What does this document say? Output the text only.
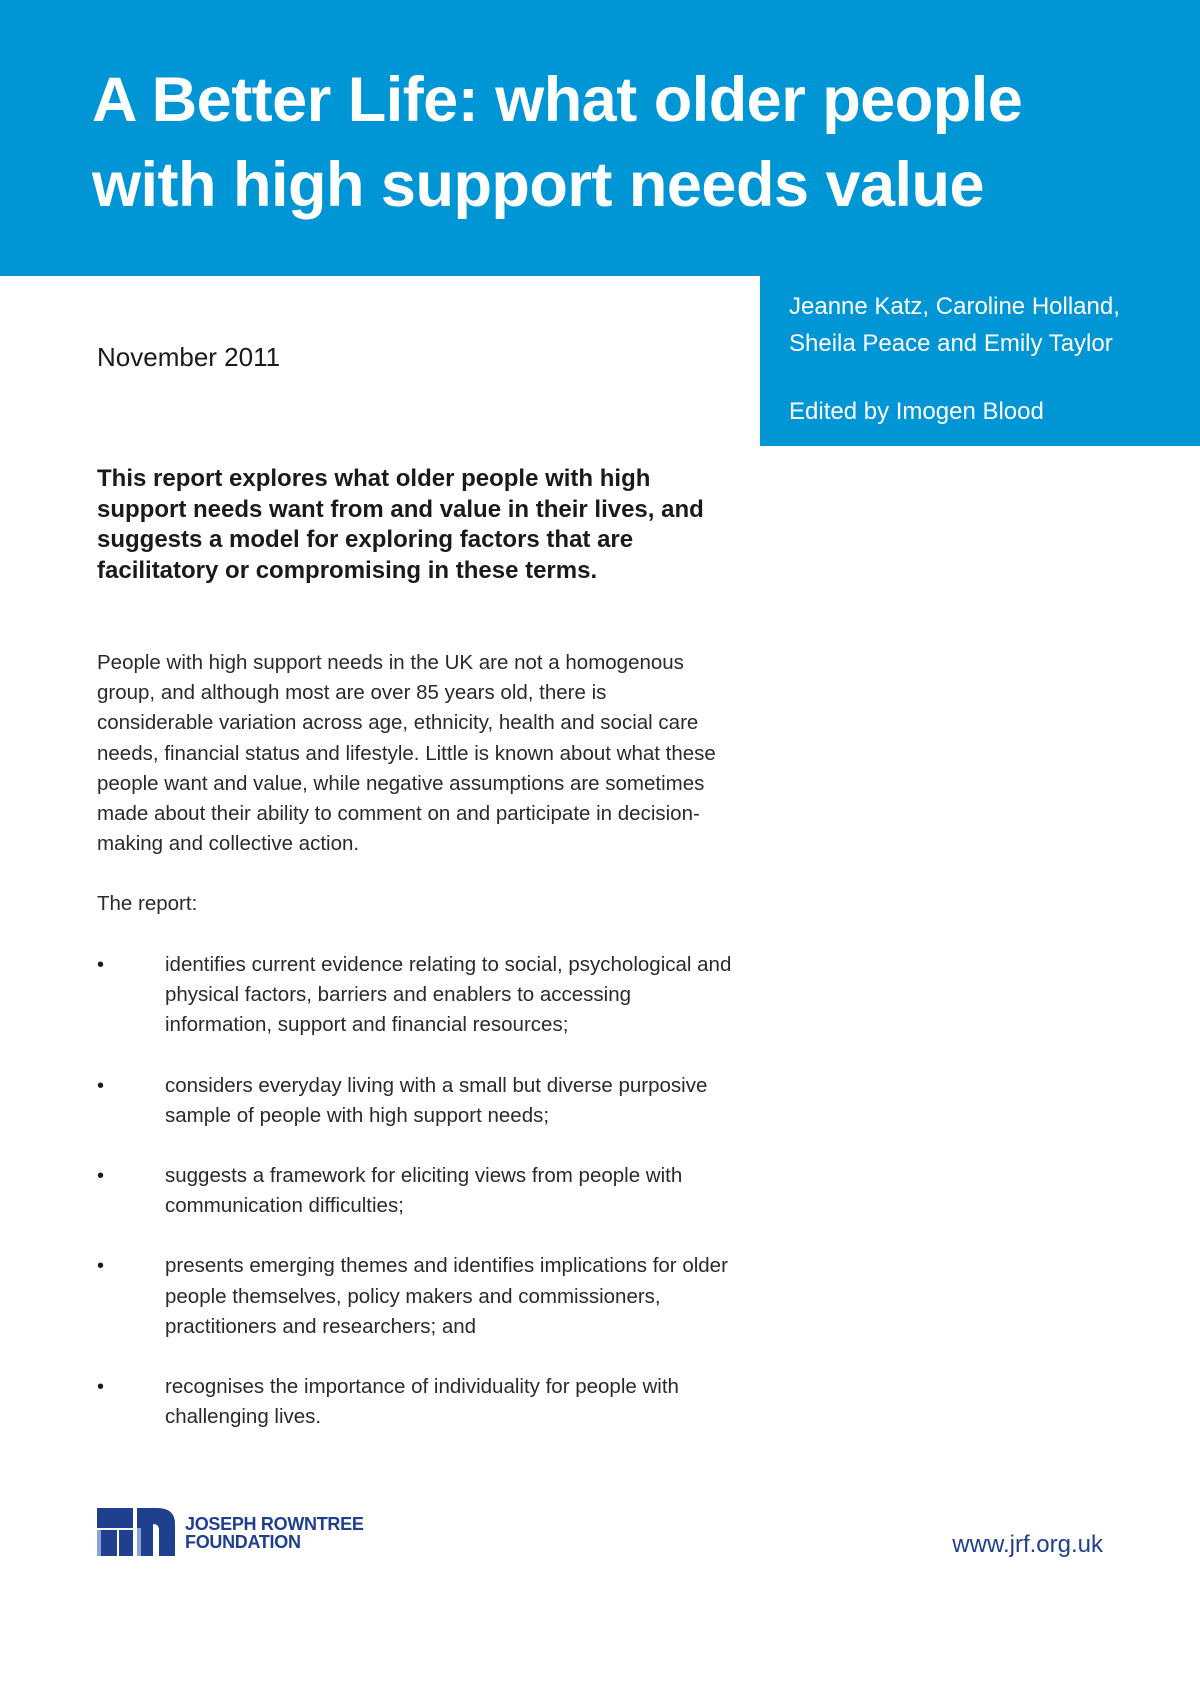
A Better Life: what older people
with high support needs value

Jeanne Katz, Caroline Holland,
Sheila Peace and Emily Taylor

Edited by Imogen Blood

November 2011

This report explores what older people with high support needs want from and value in their lives, and suggests a model for exploring factors that are facilitatory or compromising in these terms.

People with high support needs in the UK are not a homogenous group, and although most are over 85 years old, there is considerable variation across age, ethnicity, health and social care needs, financial status and lifestyle. Little is known about what these people want and value, while negative assumptions are sometimes made about their ability to comment on and participate in decision-making and collective action.

The report:

•	identifies current evidence relating to social, psychological and physical factors, barriers and enablers to accessing information, support and financial resources;
•	considers everyday living with a small but diverse purposive sample of people with high support needs;
•	suggests a framework for eliciting views from people with communication difficulties;
•	presents emerging themes and identifies implications for older people themselves, policy makers and commissioners, practitioners and researchers; and
•	recognises the importance of individuality for people with challenging lives.
JOSEPH ROWNTREE
FOUNDATION	www.jrf.org.uk
